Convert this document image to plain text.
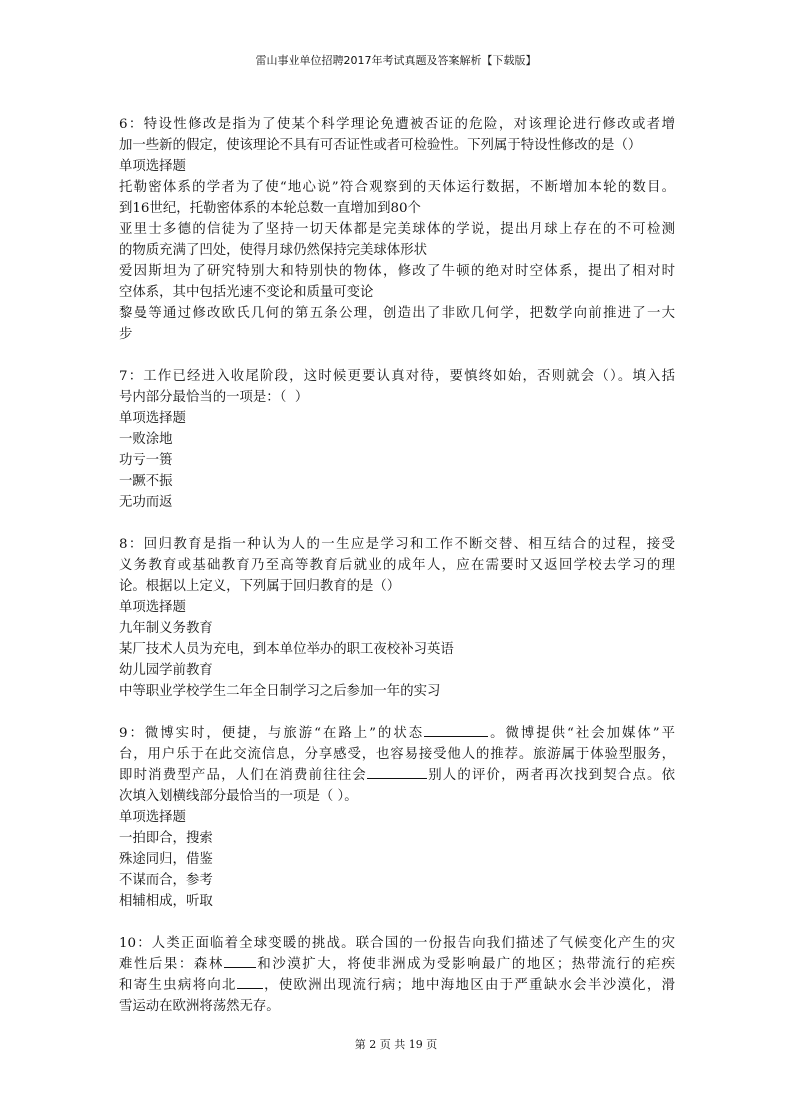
雷山事业单位招聘2017年考试真题及答案解析【下载版】
6：特设性修改是指为了使某个科学理论免遭被否证的危险，对该理论进行修改或者增
加一些新的假定，使该理论不具有可否证性或者可检验性。下列属于特设性修改的是（）
单项选择题
托勒密体系的学者为了使“地心说”符合观察到的天体运行数据，不断增加本轮的数目。
到16世纪，托勒密体系的本轮总数一直增加到80个
亚里士多德的信徒为了坚持一切天体都是完美球体的学说，提出月球上存在的不可检测
的物质充满了凹处，使得月球仍然保持完美球体形状
爱因斯坦为了研究特别大和特别快的物体，修改了牛顿的绝对时空体系，提出了相对时
空体系，其中包括光速不变论和质量可变论
黎曼等通过修改欧氏几何的第五条公理，创造出了非欧几何学，把数学向前推进了一大
步
7：工作已经进入收尾阶段，这时候更要认真对待，要慎终如始，否则就会（）。填入括
号内部分最恰当的一项是：（  ）
单项选择题
一败涂地
功亏一篑
一蹶不振
无功而返
8：回归教育是指一种认为人的一生应是学习和工作不断交替、相互结合的过程，接受
义务教育或基础教育乃至高等教育后就业的成年人，应在需要时又返回学校去学习的理
论。根据以上定义，下列属于回归教育的是（）
单项选择题
九年制义务教育
某厂技术人员为充电，到本单位举办的职工夜校补习英语
幼儿园学前教育
中等职业学校学生二年全日制学习之后参加一年的实习
9：微博实时，便捷，与旅游“在路上”的状态	。微博提供“社会加媒体”平
台，用户乐于在此交流信息，分享感受，也容易接受他人的推荐。旅游属于体验型服务，
即时消费型产品，人们在消费前往往会	别人的评价，两者再次找到契合点。依
次填入划横线部分最恰当的一项是（ ）。
单项选择题
一拍即合，搜索
殊途同归，借鉴
不谋而合，参考
相辅相成，听取
10：人类正面临着全球变暖的挑战。联合国的一份报告向我们描述了气候变化产生的灾
难性后果：森林 和沙漠扩大，将使非洲成为受影响最广的地区；热带流行的疟疾
和寄生虫病将向北 ，使欧洲出现流行病；地中海地区由于严重缺水会半沙漠化，滑
雪运动在欧洲将荡然无存。
第 2 页 共 19 页
